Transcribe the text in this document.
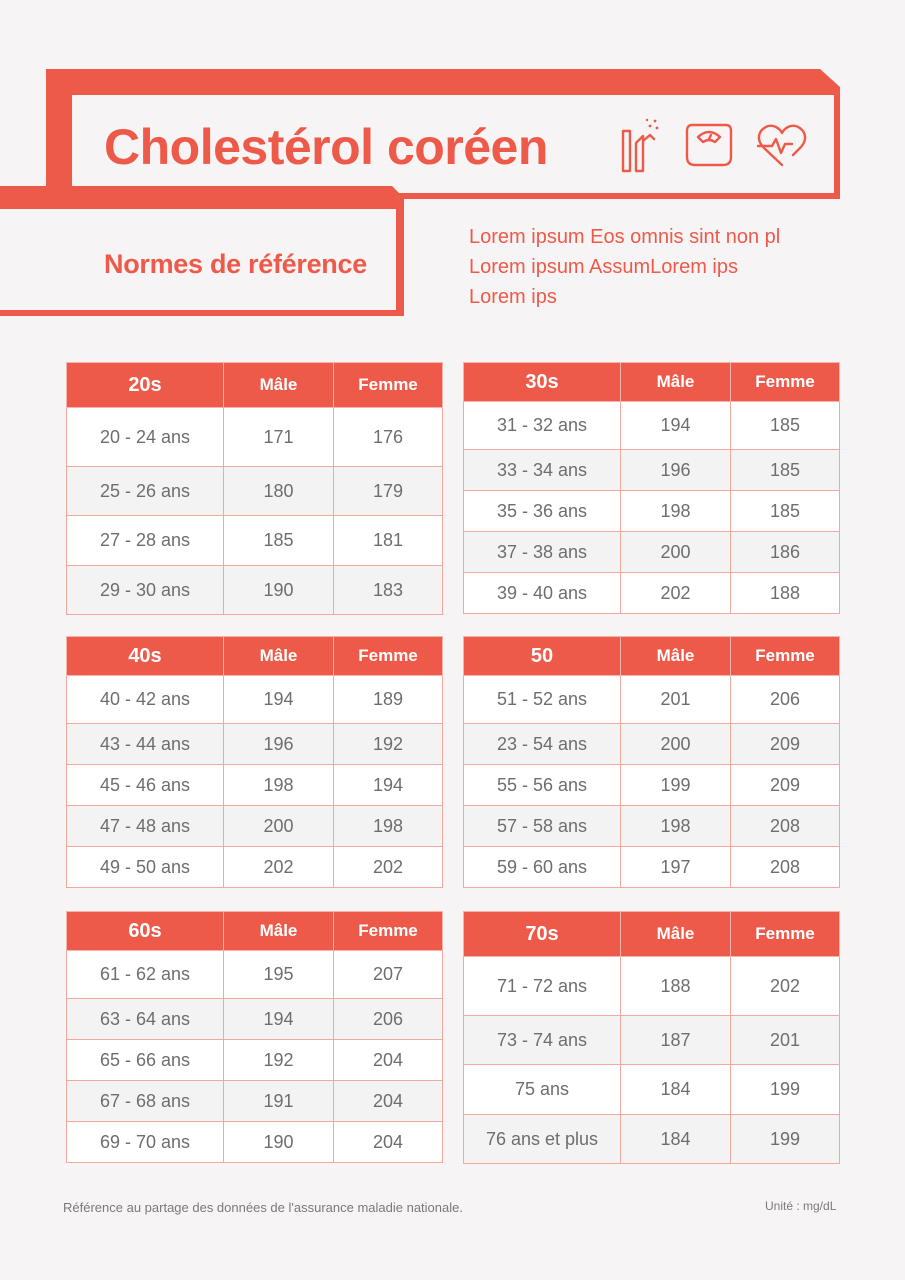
Cholestérol coréen
Normes de référence
Lorem ipsum Eos omnis sint non pl
Lorem ipsum AssumLorem ips
Lorem ips
20s	Mâle	Femme
20 - 24 ans	171	176
25 - 26 ans	180	179
27 - 28 ans	185	181
29 - 30 ans	190	183
30s	Mâle	Femme
31 - 32 ans	194	185
33 - 34 ans	196	185
35 - 36 ans	198	185
37 - 38 ans	200	186
39 - 40 ans	202	188
40s	Mâle	Femme
40 - 42 ans	194	189
43 - 44 ans	196	192
45 - 46 ans	198	194
47 - 48 ans	200	198
49 - 50 ans	202	202
50	Mâle	Femme
51 - 52 ans	201	206
23 - 54 ans	200	209
55 - 56 ans	199	209
57 - 58 ans	198	208
59 - 60 ans	197	208
60s	Mâle	Femme
61 - 62 ans	195	207
63 - 64 ans	194	206
65 - 66 ans	192	204
67 - 68 ans	191	204
69 - 70 ans	190	204
70s	Mâle	Femme
71 - 72 ans	188	202
73 - 74 ans	187	201
75 ans	184	199
76 ans et plus	184	199
Référence au partage des données de l'assurance maladie nationale.	Unité : mg/dL
